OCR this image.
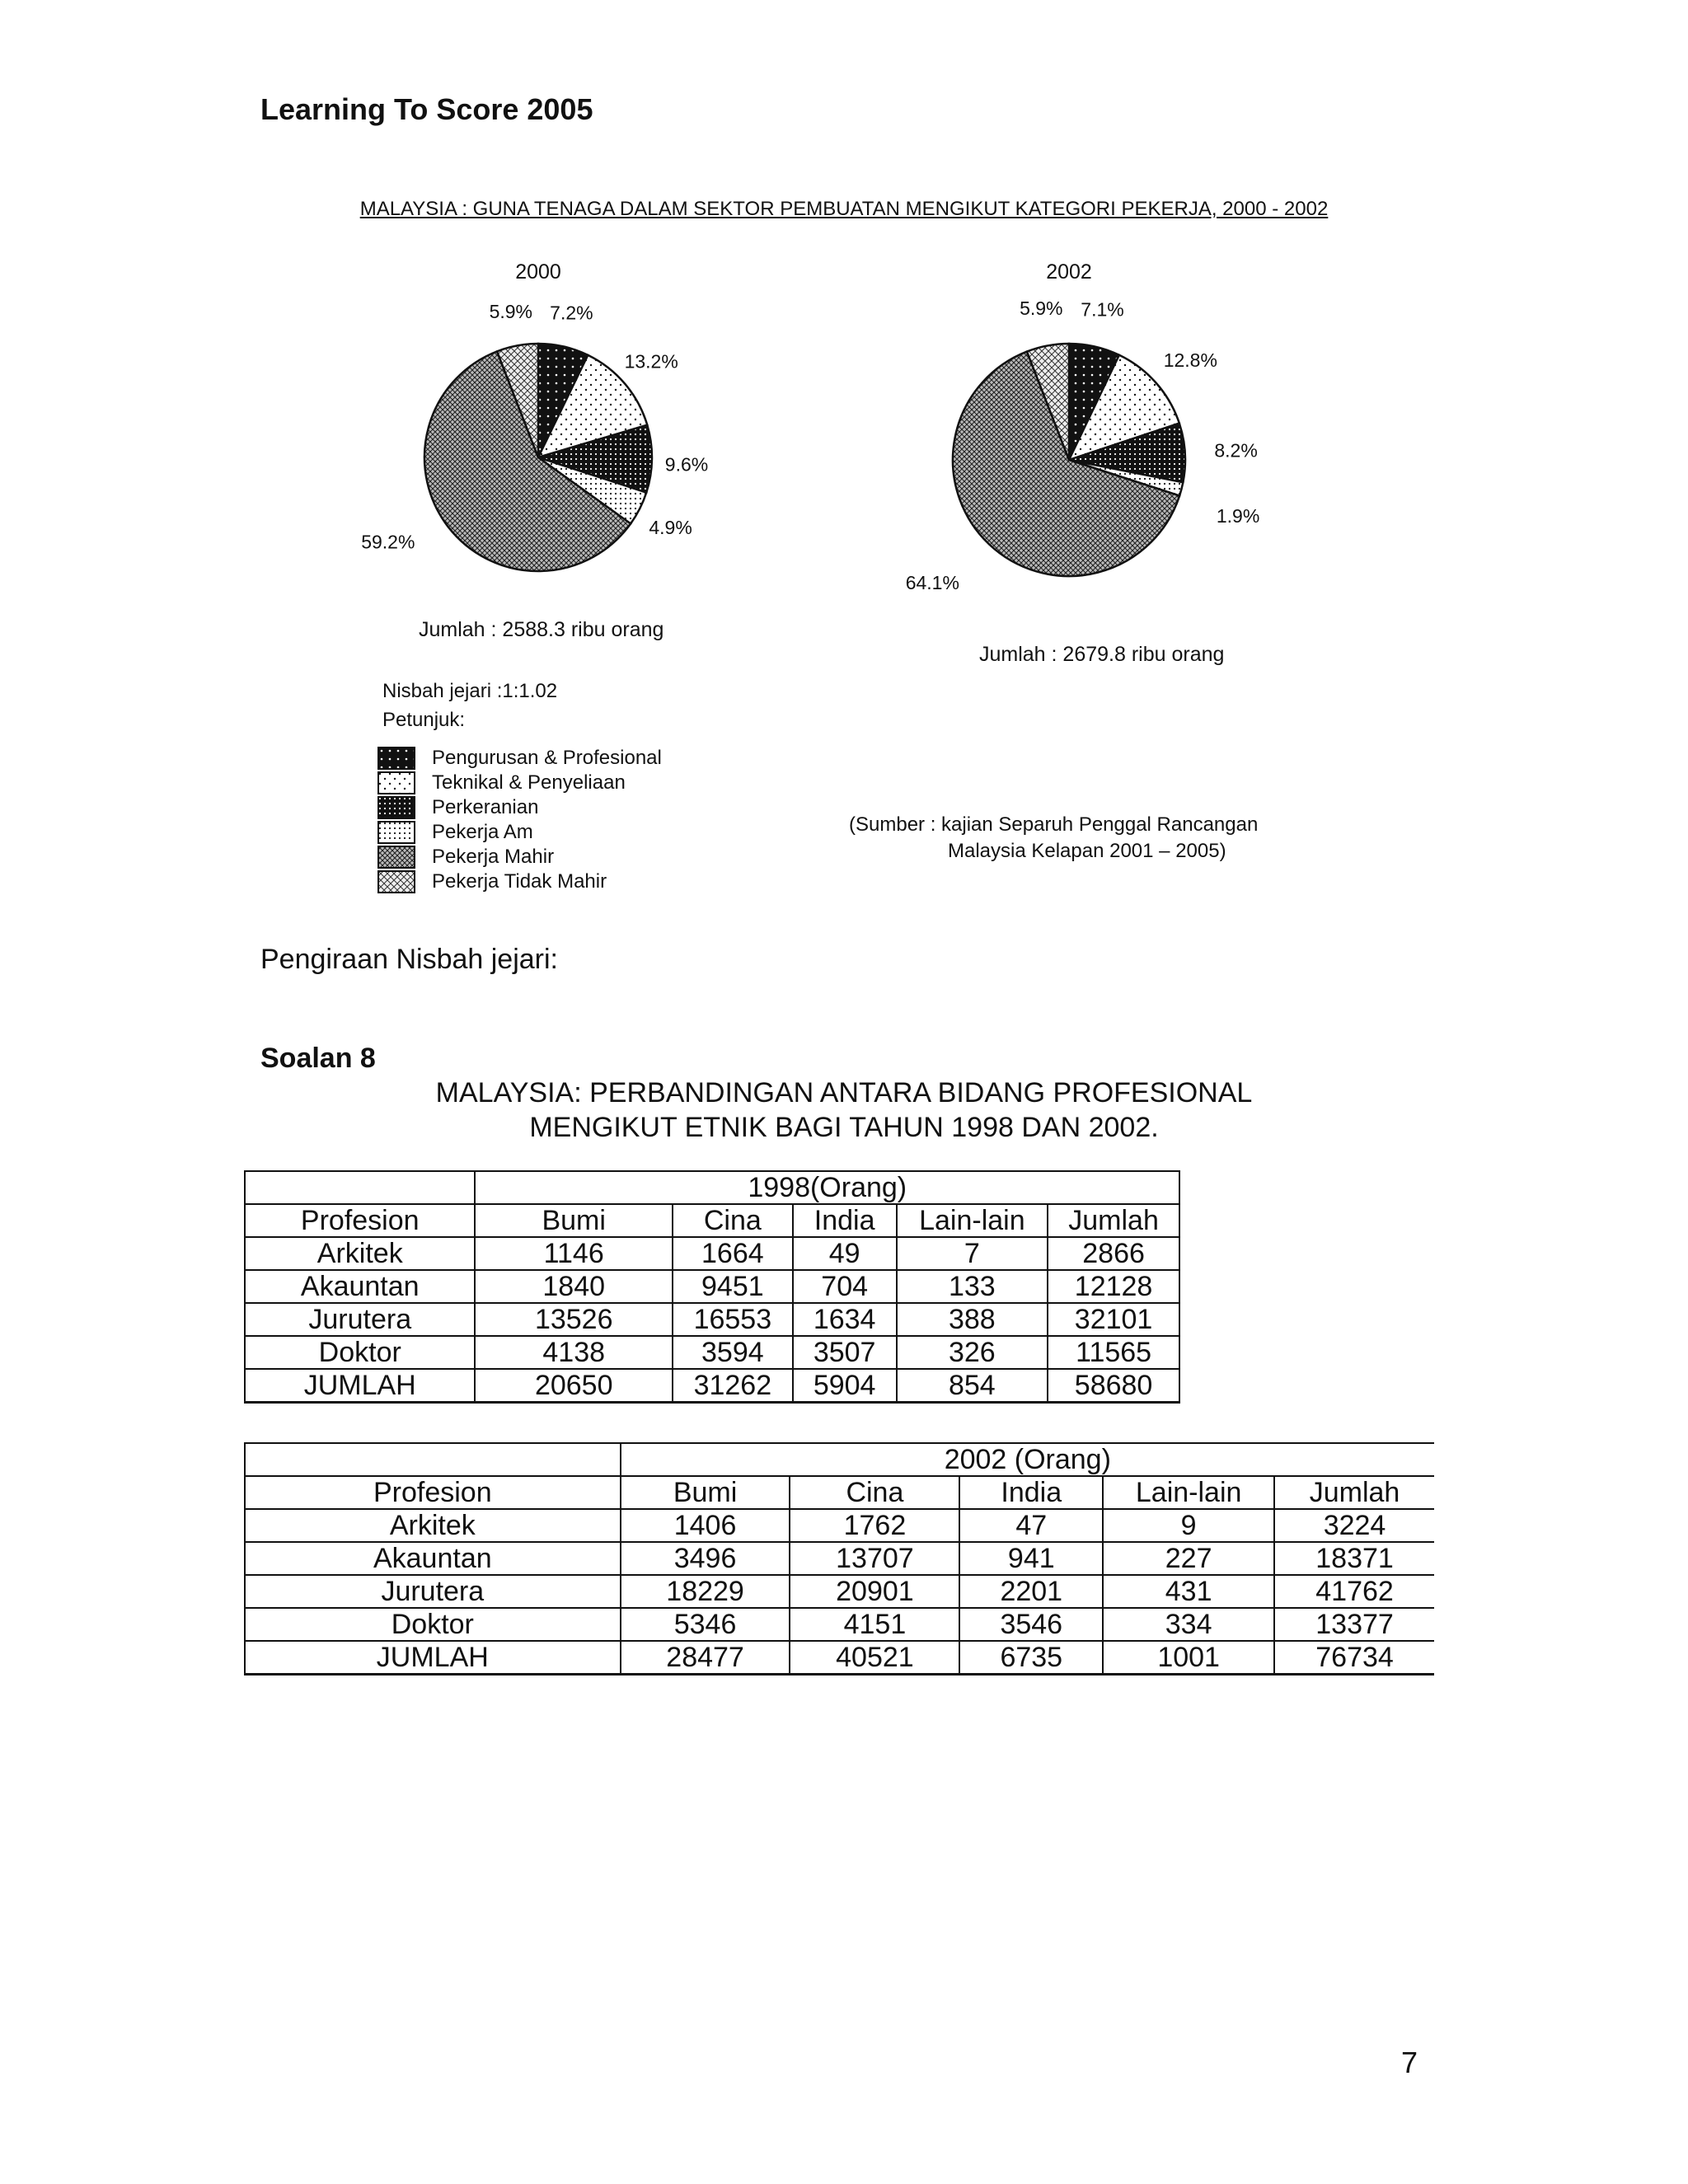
Learning To Score 2005
MALAYSIA : GUNA TENAGA DALAM SEKTOR PEMBUATAN MENGIKUT KATEGORI PEKERJA, 2000 - 2002
2000	2002
7.2%
13.2%
9.6%
4.9%
59.2%
5.9%	7.1%
12.8%
8.2%
1.9%
64.1%
5.9%
Jumlah : 2588.3 ribu orang
Jumlah : 2679.8 ribu orang
Nisbah jejari :1:1.02
Petunjuk:
Pengurusan & Profesional
Teknikal & Penyeliaan
Perkeranian
Pekerja Am
Pekerja Mahir
Pekerja Tidak Mahir
(Sumber : kajian Separuh Penggal Rancangan
Malaysia Kelapan 2001 – 2005)
Pengiraan Nisbah jejari:
Soalan 8
MALAYSIA: PERBANDINGAN ANTARA BIDANG PROFESIONAL
MENGIKUT ETNIK BAGI TAHUN 1998 DAN 2002.
	1998(Orang)				
Profesion	Bumi	Cina	India	Lain-lain	Jumlah
Arkitek	1146	1664	49	7	2866
Akauntan	1840	9451	704	133	12128
Jurutera	13526	16553	1634	388	32101
Doktor	4138	3594	3507	326	11565
JUMLAH	20650	31262	5904	854	58680
	2002 (Orang)				
Profesion	Bumi	Cina	India	Lain-lain	Jumlah
Arkitek	1406	1762	47	9	3224
Akauntan	3496	13707	941	227	18371
Jurutera	18229	20901	2201	431	41762
Doktor	5346	4151	3546	334	13377
JUMLAH	28477	40521	6735	1001	76734
7
